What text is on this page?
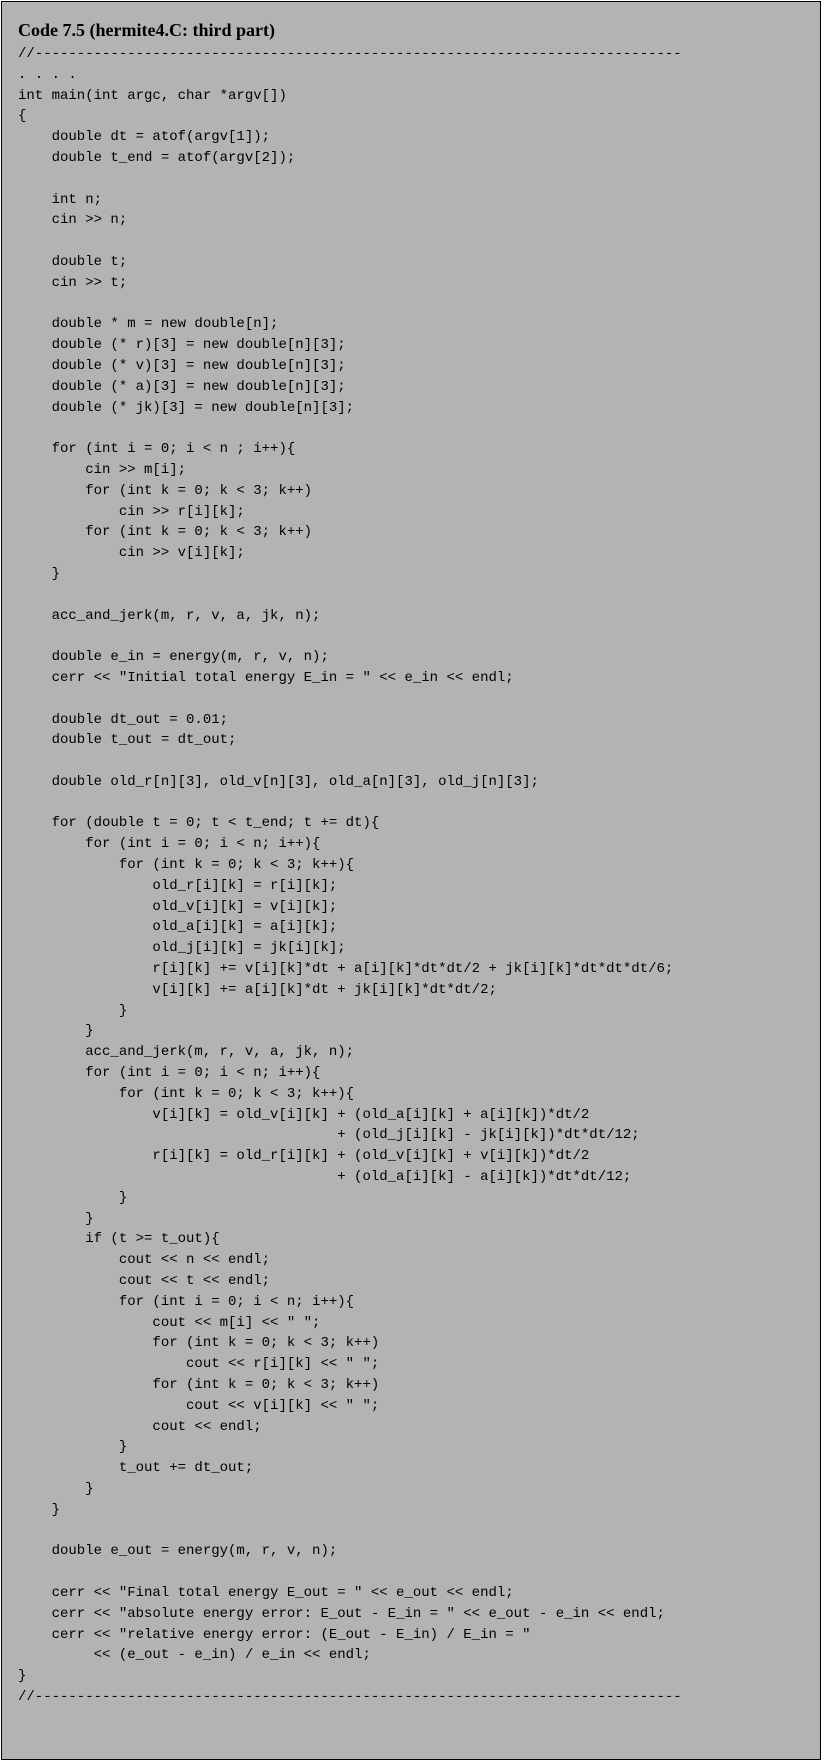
Code 7.5 (hermite4.C: third part)
//-----------------------------------------------------------------------------
. . . .
int main(int argc, char *argv[])
{
double dt = atof(argv[1]);
double t_end = atof(argv[2]);
int n;
cin >> n;
double t;
cin >> t;
double * m = new double[n];
double (* r)[3] = new double[n][3];
double (* v)[3] = new double[n][3];
double (* a)[3] = new double[n][3];
double (* jk)[3] = new double[n][3];
for (int i = 0; i < n ; i++){
cin >> m[i];
for (int k = 0; k < 3; k++)
cin >> r[i][k];
for (int k = 0; k < 3; k++)
cin >> v[i][k];
}
acc_and_jerk(m, r, v, a, jk, n);
double e_in = energy(m, r, v, n);
cerr << "Initial total energy E_in = " << e_in << endl;
double dt_out = 0.01;
double t_out = dt_out;
double old_r[n][3], old_v[n][3], old_a[n][3], old_j[n][3];
for (double t = 0; t < t_end; t += dt){
for (int i = 0; i < n; i++){
for (int k = 0; k < 3; k++){
old_r[i][k] = r[i][k];
old_v[i][k] = v[i][k];
old_a[i][k] = a[i][k];
old_j[i][k] = jk[i][k];
r[i][k] += v[i][k]*dt + a[i][k]*dt*dt/2 + jk[i][k]*dt*dt*dt/6;
v[i][k] += a[i][k]*dt + jk[i][k]*dt*dt/2;
}
}
acc_and_jerk(m, r, v, a, jk, n);
for (int i = 0; i < n; i++){
for (int k = 0; k < 3; k++){
v[i][k] = old_v[i][k] + (old_a[i][k] + a[i][k])*dt/2
+ (old_j[i][k] - jk[i][k])*dt*dt/12;
r[i][k] = old_r[i][k] + (old_v[i][k] + v[i][k])*dt/2
+ (old_a[i][k] - a[i][k])*dt*dt/12;
}
}
if (t >= t_out){
cout << n << endl;
cout << t << endl;
for (int i = 0; i < n; i++){
cout << m[i] << " ";
for (int k = 0; k < 3; k++)
cout << r[i][k] << " ";
for (int k = 0; k < 3; k++)
cout << v[i][k] << " ";
cout << endl;
}
t_out += dt_out;
}
}
double e_out = energy(m, r, v, n);
cerr << "Final total energy E_out = " << e_out << endl;
cerr << "absolute energy error: E_out - E_in = " << e_out - e_in << endl;
cerr << "relative energy error: (E_out - E_in) / E_in = "
<< (e_out - e_in) / e_in << endl;
}
//-----------------------------------------------------------------------------
